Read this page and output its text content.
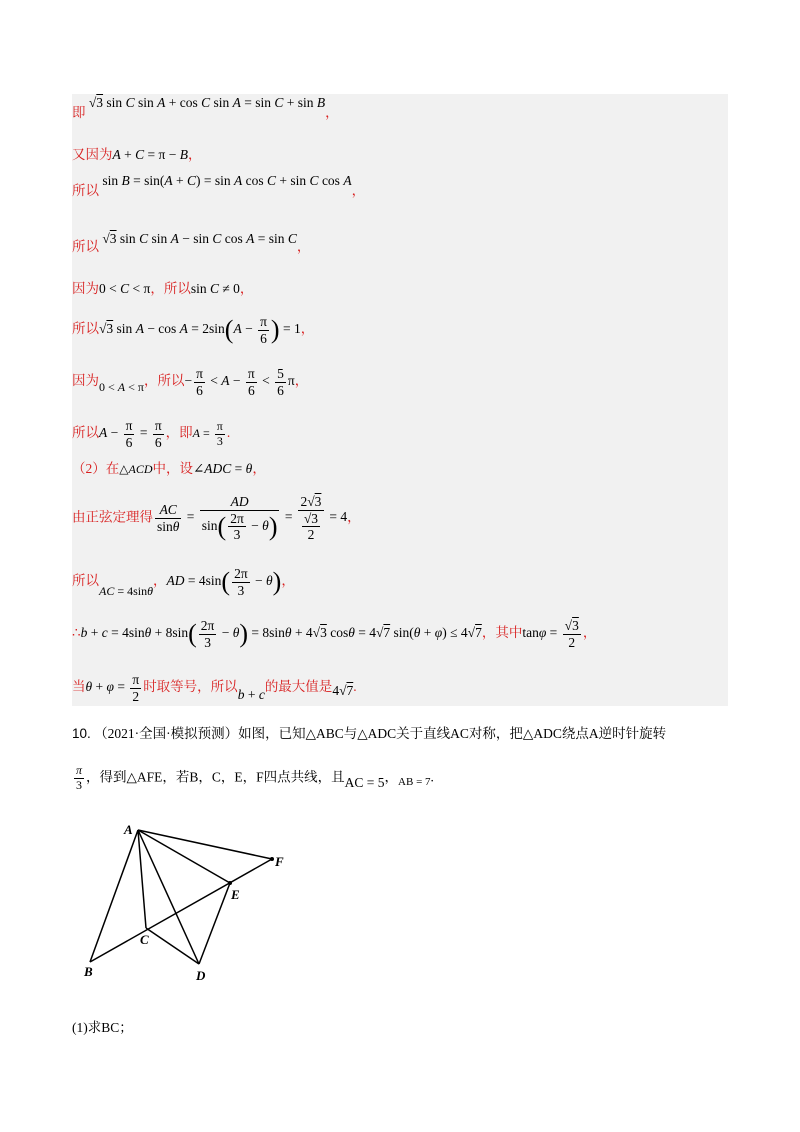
即 √3 sin C sin A + cos C sin A = sin C + sin B，
又因为A + C = π − B，
所以 sin B = sin(A + C) = sin A cos C + sin C cos A，
所以 √3 sin C sin A − sin C cos A = sin C，
因为0 < C < π，所以sin C ≠ 0，
所以√3 $\sin A - \cos A = 2\sin(A - \frac{\pi}{6}$ ) = 1，
因为0 < A < π，所以− $\frac{\pi}{6} < A - \frac{\pi}{6} < \frac{5}{6}$ π，
所以$A - \frac{\pi}{6} = \frac{\pi}{6}$ ，即$A = \frac{\pi}{3}$ .
（2）在△ACD中，设∠ADC = θ，
由正弦定理得 $\frac{AC}{\sin\theta} = \frac{AD}{\sin( \frac{2\pi}{3} - \theta)} = \frac{2√3}{\frac{√3}{2}} = 4$，
所以AC = 4sinθ，AD = $4\sin( \frac{2\pi}{3} - \theta)$，
∴b + $c = 4\sin\theta + 8\sin( \frac{2\pi}{3} - \theta) = 8\sin\theta + 4√3$ cosθ = 4√7 sin(θ + φ) ≤ 4√7，其中$\tan\varphi = \frac{√3}{2}$ ，
当$\theta + \varphi = \frac{\pi}{2}$ 时取等号，所以b + c的最大值是4√7.
10. （2021·全国·模拟预测）如图，已知△ABC与△ADC关于直线AC对称，把△ADC绕点A逆时针旋转
$\frac{\pi}{3}$ ，得到△AFE，若B，C，E，F四点共线，且AC = 5，$_{AB = 7}$.
A
B
C
D
E
F
(1)求BC；
